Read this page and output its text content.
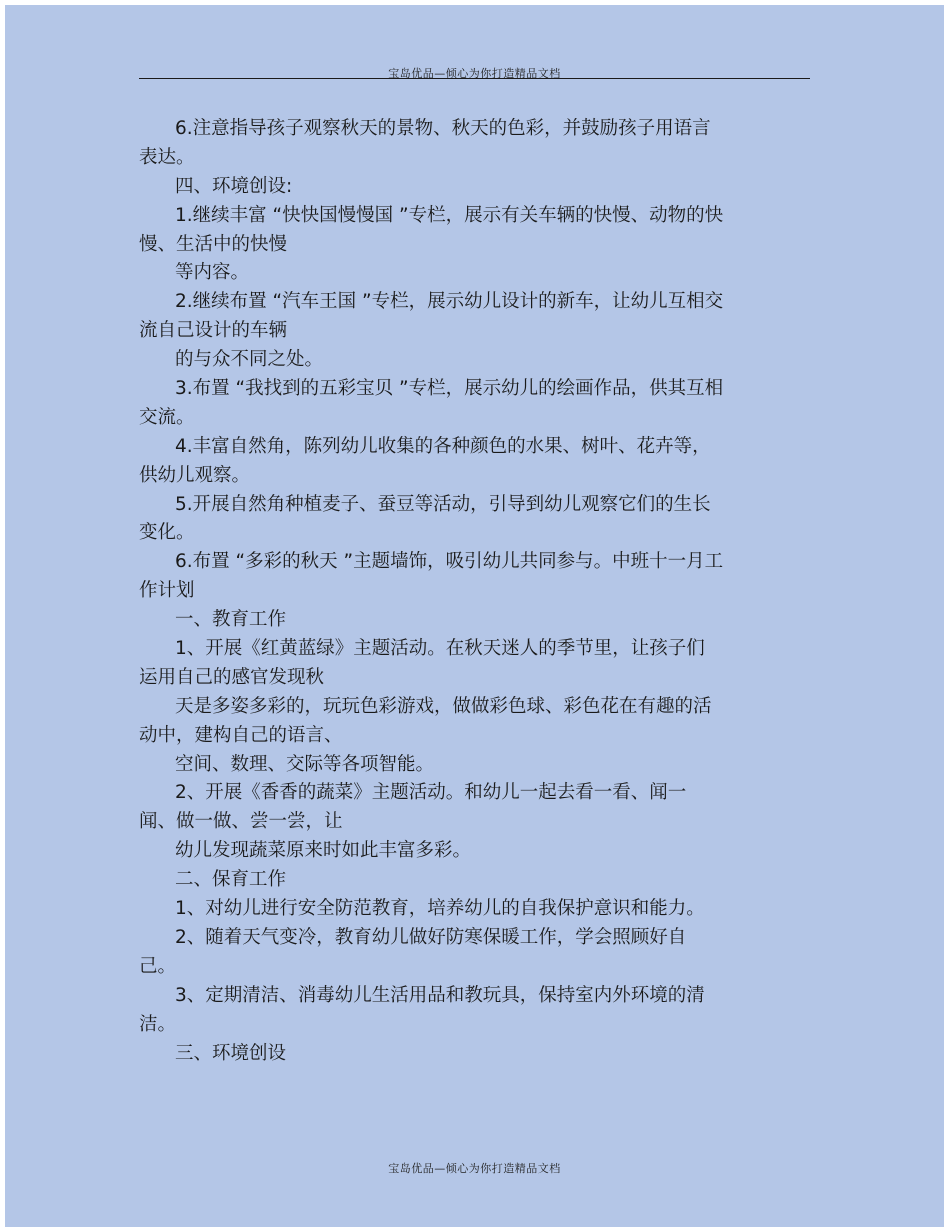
宝岛优品—倾心为你打造精品文档
6.注意指导孩子观察秋天的景物、秋天的色彩，并鼓励孩子用语言
表达。
四、环境创设:
1.继续丰富 “快快国慢慢国 ”专栏，展示有关车辆的快慢、动物的快
慢、生活中的快慢
等内容。
2.继续布置 “汽车王国 ”专栏，展示幼儿设计的新车，让幼儿互相交
流自己设计的车辆
的与众不同之处。
3.布置 “我找到的五彩宝贝 ”专栏，展示幼儿的绘画作品，供其互相
交流。
4.丰富自然角，陈列幼儿收集的各种颜色的水果、树叶、花卉等，
供幼儿观察。
5.开展自然角种植麦子、蚕豆等活动，引导到幼儿观察它们的生长
变化。
6.布置 “多彩的秋天 ”主题墙饰，吸引幼儿共同参与。中班十一月工
作计划
一、教育工作
1、开展《红黄蓝绿》主题活动。在秋天迷人的季节里，让孩子们
运用自己的感官发现秋
天是多姿多彩的，玩玩色彩游戏，做做彩色球、彩色花在有趣的活
动中，建构自己的语言、
空间、数理、交际等各项智能。
2、开展《香香的蔬菜》主题活动。和幼儿一起去看一看、闻一
闻、做一做、尝一尝，让
幼儿发现蔬菜原来时如此丰富多彩。
二、保育工作
1、对幼儿进行安全防范教育，培养幼儿的自我保护意识和能力。
2、随着天气变冷，教育幼儿做好防寒保暖工作，学会照顾好自
己。
3、定期清洁、消毒幼儿生活用品和教玩具，保持室内外环境的清
洁。
三、环境创设
宝岛优品—倾心为你打造精品文档
